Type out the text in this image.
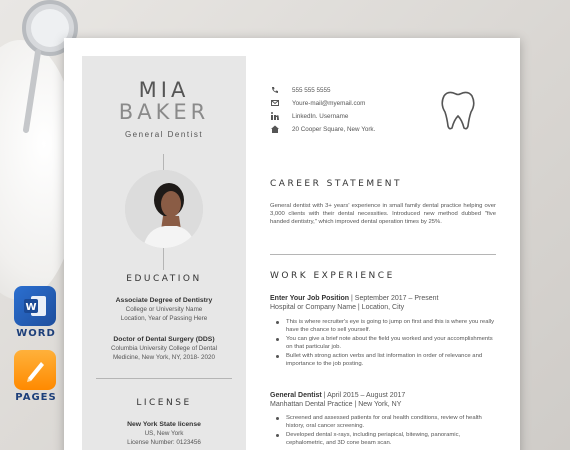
W
WORD
PAGES
MIA
BAKER
General Dentist
EDUCATION
Associate Degree of Dentistry
College or University Name
Location, Year of Passing Here
Doctor of Dental Surgery (DDS)
Columbia University College of Dental
Medicine, New York, NY, 2018- 2020
LICENSE
New York State license
US, New York
License Number: 0123456
555 555 5555
Youre-mail@myemail.com
LinkedIn. Username
20 Cooper Square, New York.
CAREER STATEMENT
General dentist with 3+ years' experience in small family dental practice helping over 3,000 clients with their dental necessities. Introduced new method dubbed "five handed dentistry," which improved dental operation times by 25%.
WORK EXPERIENCE
Enter Your Job Position | September 2017 – Present
Hospital or Company Name | Location, City
This is where recruiter's eye is going to jump on first and this is where you really have the chance to sell yourself.
You can give a brief note about the field you worked and your accomplishments on that particular job.
Bullet with strong action verbs and list information in order of relevance and importance to the job posting.
General Dentist | April 2015 – August 2017
Manhattan Dental Practice | New York, NY
Screened and assessed patients for oral health conditions, review of health history, oral cancer screening.
Developed dental x-rays, including periapical, bitewing, panoramic, cephalometric, and 3D cone beam scan.
